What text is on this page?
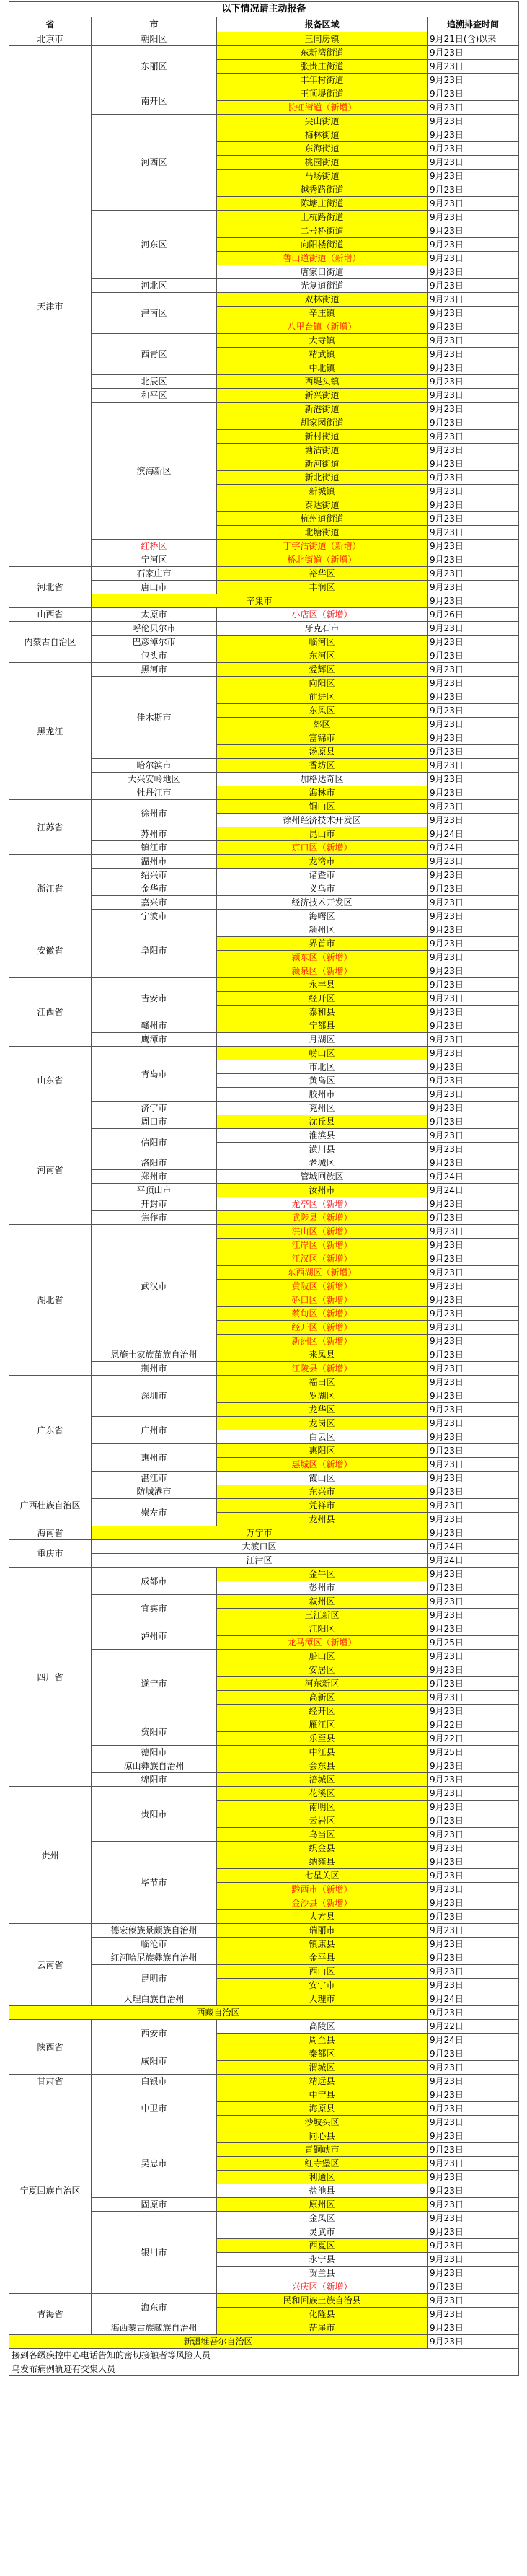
以下情况请主动报备			
省	市	报备区域	追溯排查时间
北京市	朝阳区	三间房镇	9月21日(含)以来
天津市	东丽区	东新湾街道	9月23日
		张贵庄街道	9月23日
		丰年村街道	9月23日
	南开区	王顶堤街道	9月23日
		长虹街道（新增）	9月23日
	河西区	尖山街道	9月23日
		梅林街道	9月23日
		东海街道	9月23日
		桃园街道	9月23日
		马场街道	9月23日
		越秀路街道	9月23日
		陈塘庄街道	9月23日
	河东区	上杭路街道	9月23日
		二号桥街道	9月23日
		向阳楼街道	9月23日
		鲁山道街道（新增）	9月23日
		唐家口街道	9月23日
	河北区	光复道街道	9月23日
	津南区	双林街道	9月23日
		辛庄镇	9月23日
		八里台镇（新增）	9月23日
	西青区	大寺镇	9月23日
		精武镇	9月23日
		中北镇	9月23日
	北辰区	西堤头镇	9月23日
	和平区	新兴街道	9月23日
	滨海新区	新港街道	9月23日
		胡家园街道	9月23日
		新村街道	9月23日
		塘沽街道	9月23日
		新河街道	9月23日
		新北街道	9月23日
		新城镇	9月23日
		泰达街道	9月23日
		杭州道街道	9月23日
		北塘街道	9月23日
	红桥区	丁字沽街道（新增）	9月23日
	宁河区	桥北街道（新增）	9月23日
河北省	石家庄市	裕华区	9月23日
	唐山市	丰润区	9月23日
	辛集市		9月23日
山西省	太原市	小店区（新增）	9月26日
内蒙古自治区	呼伦贝尔市	牙克石市	9月23日
	巴彦淖尔市	临河区	9月23日
	包头市	东河区	9月23日
黑龙江	黑河市	爱辉区	9月23日
	佳木斯市	向阳区	9月23日
		前进区	9月23日
		东风区	9月23日
		郊区	9月23日
		富锦市	9月23日
		汤原县	9月23日
	哈尔滨市	香坊区	9月23日
	大兴安岭地区	加格达奇区	9月23日
	牡丹江市	海林市	9月23日
江苏省	徐州市	铜山区	9月23日
		徐州经济技术开发区	9月23日
	苏州市	昆山市	9月24日
	镇江市	京口区（新增）	9月24日
浙江省	温州市	龙湾市	9月23日
	绍兴市	诸暨市	9月23日
	金华市	义乌市	9月23日
	嘉兴市	经济技术开发区	9月23日
	宁波市	海曙区	9月23日
安徽省	阜阳市	颍州区	9月23日
		界首市	9月23日
		颍东区（新增）	9月23日
		颍泉区（新增）	9月23日
江西省	吉安市	永丰县	9月23日
		经开区	9月23日
		泰和县	9月23日
	赣州市	宁都县	9月23日
	鹰潭市	月湖区	9月23日
山东省	青岛市	崂山区	9月23日
		市北区	9月23日
		黄岛区	9月23日
		胶州市	9月23日
	济宁市	兖州区	9月23日
河南省	周口市	沈丘县	9月23日
	信阳市	淮滨县	9月23日
		潢川县	9月23日
	洛阳市	老城区	9月23日
	郑州市	管城回族区	9月24日
	平顶山市	汝州市	9月24日
	开封市	龙亭区（新增）	9月23日
	焦作市	武陟县（新增）	9月23日
湖北省	武汉市	洪山区（新增）	9月23日
		江岸区（新增）	9月23日
		江汉区（新增）	9月23日
		东西湖区（新增）	9月23日
		黄陂区（新增）	9月23日
		硚口区（新增）	9月23日
		蔡甸区（新增）	9月23日
		经开区（新增）	9月23日
		新洲区（新增）	9月23日
	恩施土家族苗族自治州	来凤县	9月23日
	荆州市	江陵县（新增）	9月23日
广东省	深圳市	福田区	9月23日
		罗湖区	9月23日
		龙华区	9月23日
	广州市	龙岗区	9月23日
		白云区	9月23日
	惠州市	惠阳区	9月23日
		惠城区（新增）	9月23日
	湛江市	霞山区	9月23日
广西壮族自治区	防城港市	东兴市	9月23日
	崇左市	凭祥市	9月23日
		龙州县	9月23日
海南省	万宁市		9月23日
重庆市	大渡口区		9月24日
	江津区		9月24日
四川省	成都市	金牛区	9月23日
		彭州市	9月23日
	宜宾市	叙州区	9月23日
		三江新区	9月23日
	泸州市	江阳区	9月23日
		龙马潭区（新增）	9月25日
	遂宁市	船山区	9月23日
		安居区	9月23日
		河东新区	9月23日
		高新区	9月23日
		经开区	9月23日
	资阳市	雁江区	9月22日
		乐至县	9月22日
	德阳市	中江县	9月25日
	凉山彝族自治州	会东县	9月23日
	绵阳市	涪城区	9月23日
贵州	贵阳市	花溪区	9月23日
		南明区	9月23日
		云岩区	9月23日
		乌当区	9月23日
	毕节市	织金县	9月23日
		纳雍县	9月23日
		七星关区	9月23日
		黔西市（新增）	9月23日
		金沙县（新增）	9月23日
		大方县	9月23日
云南省	德宏傣族景颇族自治州	瑞丽市	9月23日
	临沧市	镇康县	9月23日
	红河哈尼族彝族自治州	金平县	9月23日
	昆明市	西山区	9月23日
		安宁市	9月23日
	大理白族自治州	大理市	9月24日
西藏自治区			9月23日
陕西省	西安市	高陵区	9月22日
		周至县	9月24日
	咸阳市	秦都区	9月23日
		渭城区	9月23日
甘肃省	白银市	靖远县	9月23日
宁夏回族自治区	中卫市	中宁县	9月23日
		海原县	9月23日
		沙坡头区	9月23日
	吴忠市	同心县	9月23日
		青铜峡市	9月23日
		红寺堡区	9月23日
		利通区	9月23日
		盐池县	9月23日
	固原市	原州区	9月23日
	银川市	金凤区	9月23日
		灵武市	9月23日
		西夏区	9月23日
		永宁县	9月23日
		贺兰县	9月23日
		兴庆区（新增）	9月23日
青海省	海东市	民和回族土族自治县	9月23日
		化隆县	9月23日
	海西蒙古族藏族自治州	茫崖市	9月23日
新疆维吾尔自治区			9月23日
接到各级疾控中心电话告知的密切接触者等风险人员			
乌发布病例轨迹有交集人员			
